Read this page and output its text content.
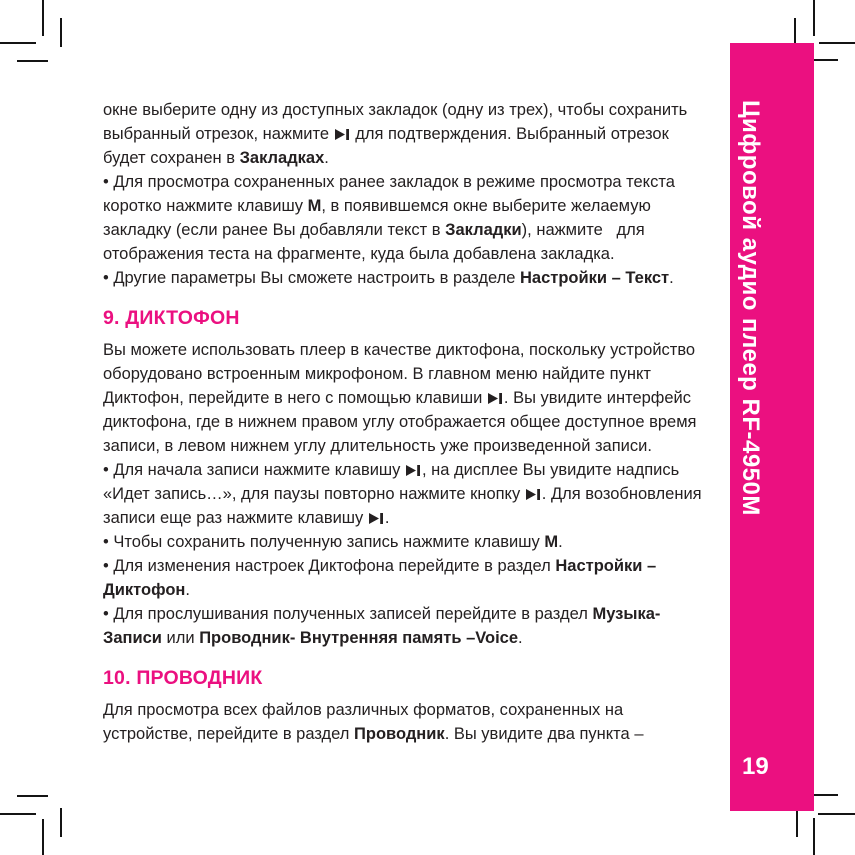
окне выберите одну из доступных закладок (одну из трех), чтобы сохранить
выбранный отрезок, нажмите  для подтверждения. Выбранный отрезок
будет сохранен в Закладках.
• Для просмотра сохраненных ранее закладок в режиме просмотра текста
коротко нажмите клавишу М, в появившемся окне выберите желаемую
закладку (если ранее Вы добавляли текст в Закладки), нажмите   для
отображения теста на фрагменте, куда была добавлена закладка.
• Другие параметры Вы сможете настроить в разделе Настройки – Текст.
9. ДИКТОФОН
Вы можете использовать плеер в качестве диктофона, поскольку устройство
оборудовано встроенным микрофоном. В главном меню найдите пункт
Диктофон, перейдите в него с помощью клавиши . Вы увидите интерфейс
диктофона, где в нижнем правом углу отображается общее доступное время
записи, в левом нижнем углу длительность уже произведенной записи.
• Для начала записи нажмите клавишу , на дисплее Вы увидите надпись
«Идет запись…», для паузы повторно нажмите кнопку . Для возобновления
записи еще раз нажмите клавишу .
• Чтобы сохранить полученную запись нажмите клавишу М.
• Для изменения настроек Диктофона перейдите в раздел Настройки –
Диктофон.
• Для прослушивания полученных записей перейдите в раздел Музыка-
Записи или Проводник- Внутренняя память –Voice.
10. ПРОВОДНИК
Для просмотра всех файлов различных форматов, сохраненных на
устройстве, перейдите в раздел Проводник. Вы увидите два пункта –
Цифровой аудио плеер RF-4950M
19
